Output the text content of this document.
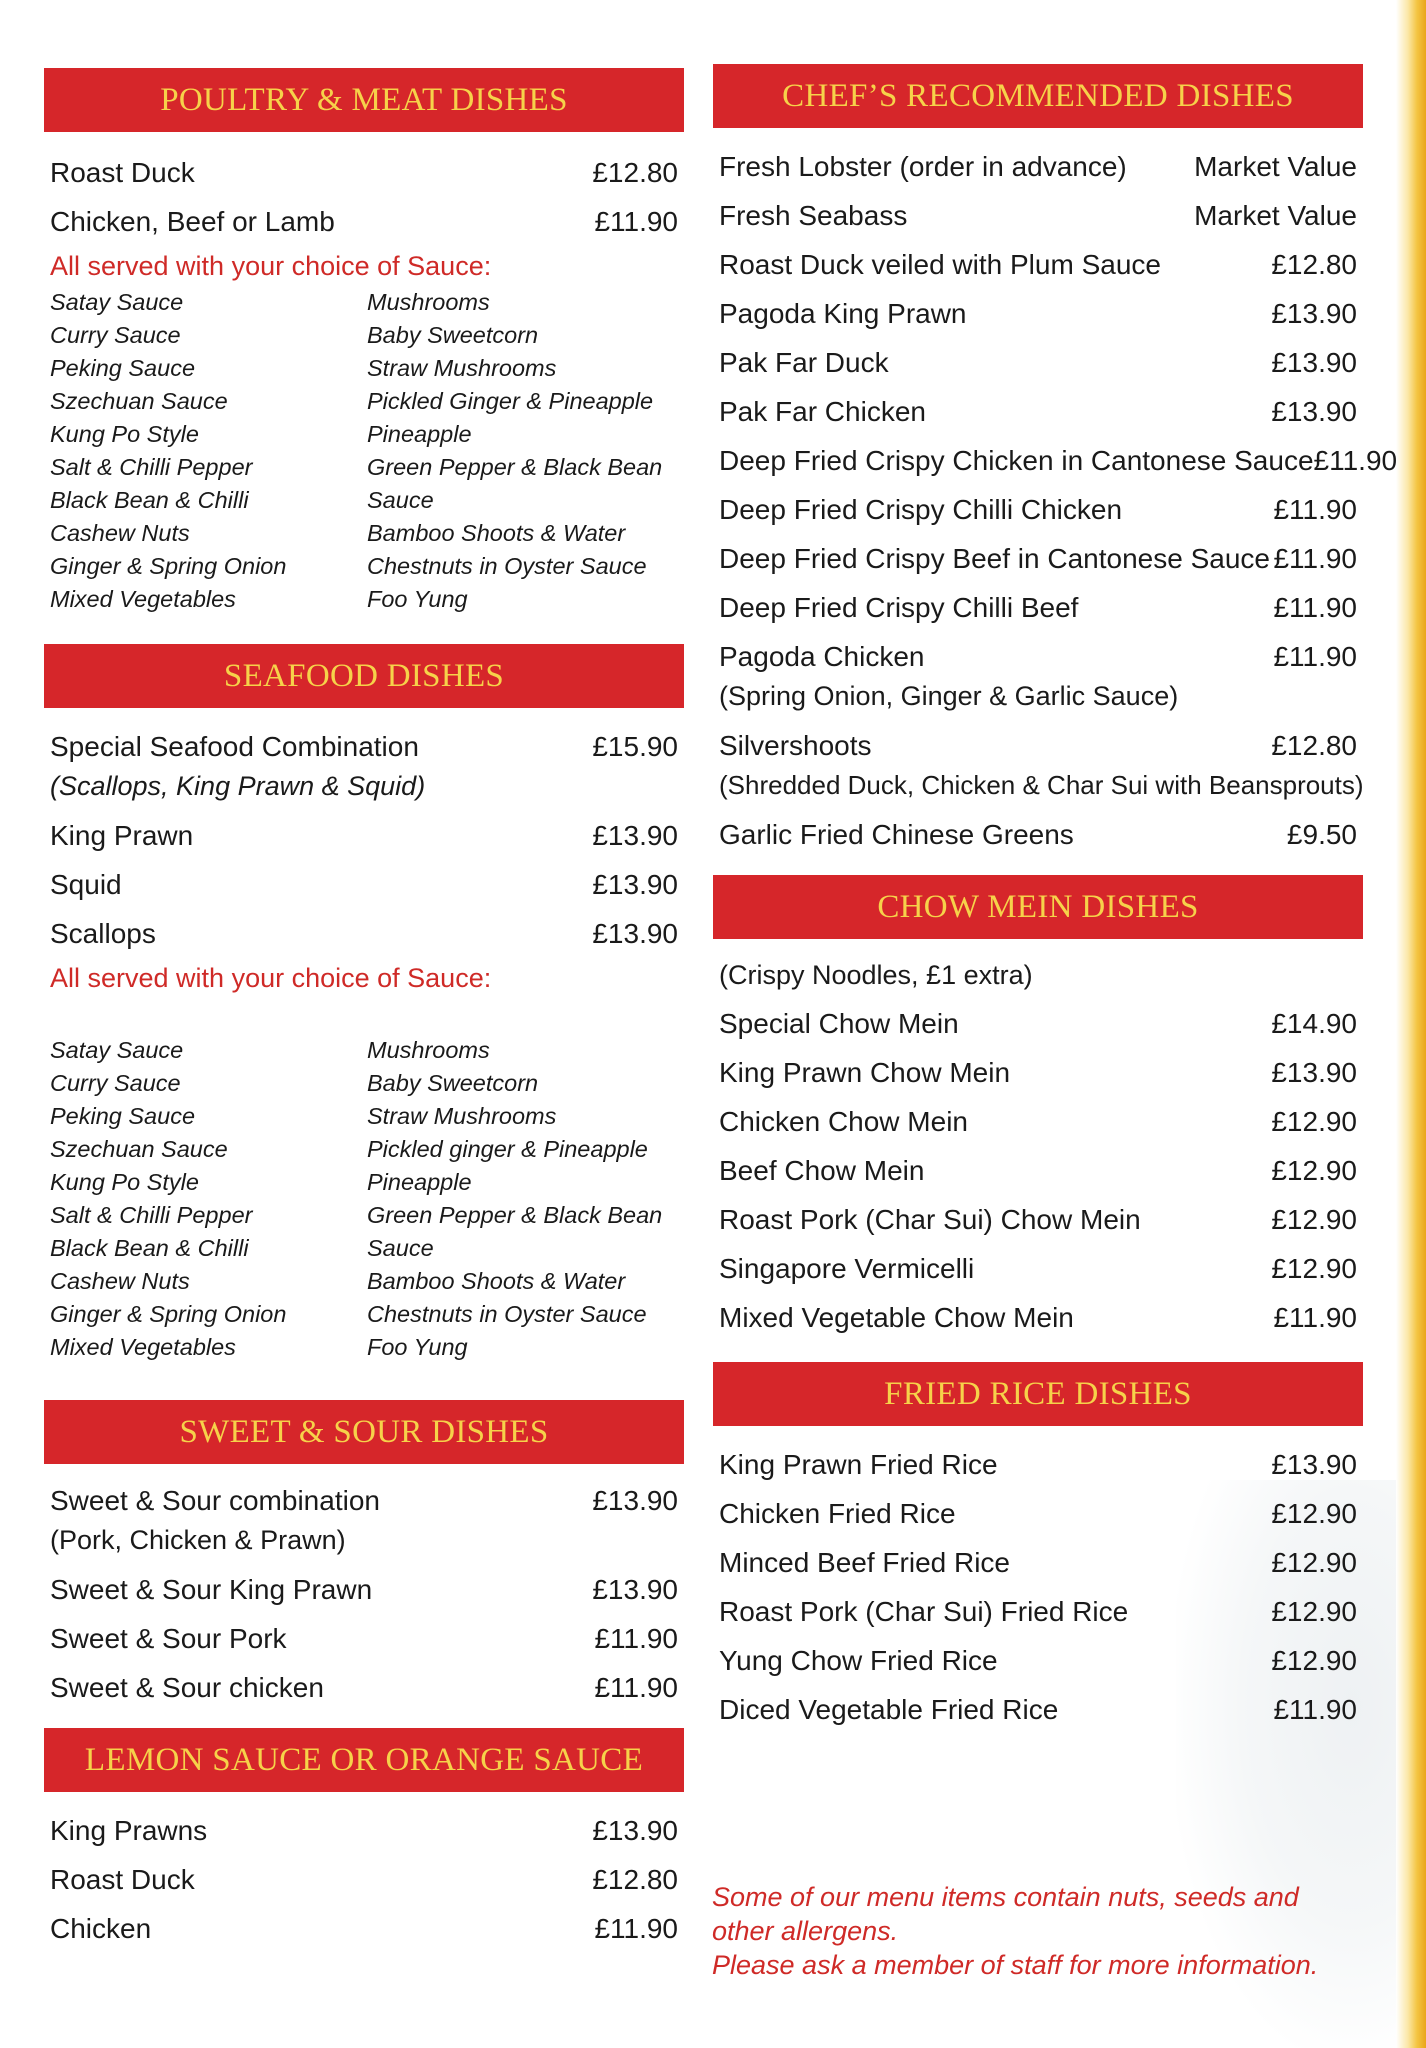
POULTRY & MEAT DISHES
Roast Duck	£12.80
Chicken, Beef or Lamb	£11.90
All served with your choice of Sauce:
Satay Sauce
Curry Sauce
Peking Sauce
Szechuan Sauce
Kung Po Style
Salt & Chilli Pepper
Black Bean & Chilli
Cashew Nuts
Ginger & Spring Onion
Mixed Vegetables
Mushrooms
Baby Sweetcorn
Straw Mushrooms
Pickled Ginger & Pineapple
Pineapple
Green Pepper & Black Bean
Sauce
Bamboo Shoots & Water
Chestnuts in Oyster Sauce
Foo Yung
SEAFOOD DISHES
Special Seafood Combination	£15.90
(Scallops, King Prawn & Squid)
King Prawn	£13.90
Squid	£13.90
Scallops	£13.90
All served with your choice of Sauce:
Satay Sauce
Curry Sauce
Peking Sauce
Szechuan Sauce
Kung Po Style
Salt & Chilli Pepper
Black Bean & Chilli
Cashew Nuts
Ginger & Spring Onion
Mixed Vegetables
Mushrooms
Baby Sweetcorn
Straw Mushrooms
Pickled ginger & Pineapple
Pineapple
Green Pepper & Black Bean
Sauce
Bamboo Shoots & Water
Chestnuts in Oyster Sauce
Foo Yung
SWEET & SOUR DISHES
Sweet & Sour combination	£13.90
(Pork, Chicken & Prawn)
Sweet & Sour King Prawn	£13.90
Sweet & Sour Pork	£11.90
Sweet & Sour chicken	£11.90
LEMON SAUCE OR ORANGE SAUCE
King Prawns	£13.90
Roast Duck	£12.80
Chicken	£11.90
CHEF’S RECOMMENDED DISHES
Fresh Lobster (order in advance) Market Value
Fresh Seabass	Market Value
Roast Duck veiled with Plum Sauce	£12.80
Pagoda King Prawn	£13.90
Pak Far Duck	£13.90
Pak Far Chicken	£13.90
Deep Fried Crispy Chicken in Cantonese Sauce £11.90
Deep Fried Crispy Chilli Chicken	£11.90
Deep Fried Crispy Beef in Cantonese Sauce £11.90
Deep Fried Crispy Chilli Beef	£11.90
Pagoda Chicken	£11.90
(Spring Onion, Ginger & Garlic Sauce)
Silvershoots	£12.80
(Shredded Duck, Chicken & Char Sui with Beansprouts)
Garlic Fried Chinese Greens	£9.50
CHOW MEIN DISHES
(Crispy Noodles, £1 extra)
Special Chow Mein	£14.90
King Prawn Chow Mein	£13.90
Chicken Chow Mein	£12.90
Beef Chow Mein	£12.90
Roast Pork (Char Sui) Chow Mein	£12.90
Singapore Vermicelli	£12.90
Mixed Vegetable Chow Mein	£11.90
FRIED RICE DISHES
King Prawn Fried Rice	£13.90
Chicken Fried Rice	£12.90
Minced Beef Fried Rice	£12.90
Roast Pork (Char Sui) Fried Rice	£12.90
Yung Chow Fried Rice	£12.90
Diced Vegetable Fried Rice	£11.90
Some of our menu items contain nuts, seeds and
other allergens.
Please ask a member of staff for more information.
